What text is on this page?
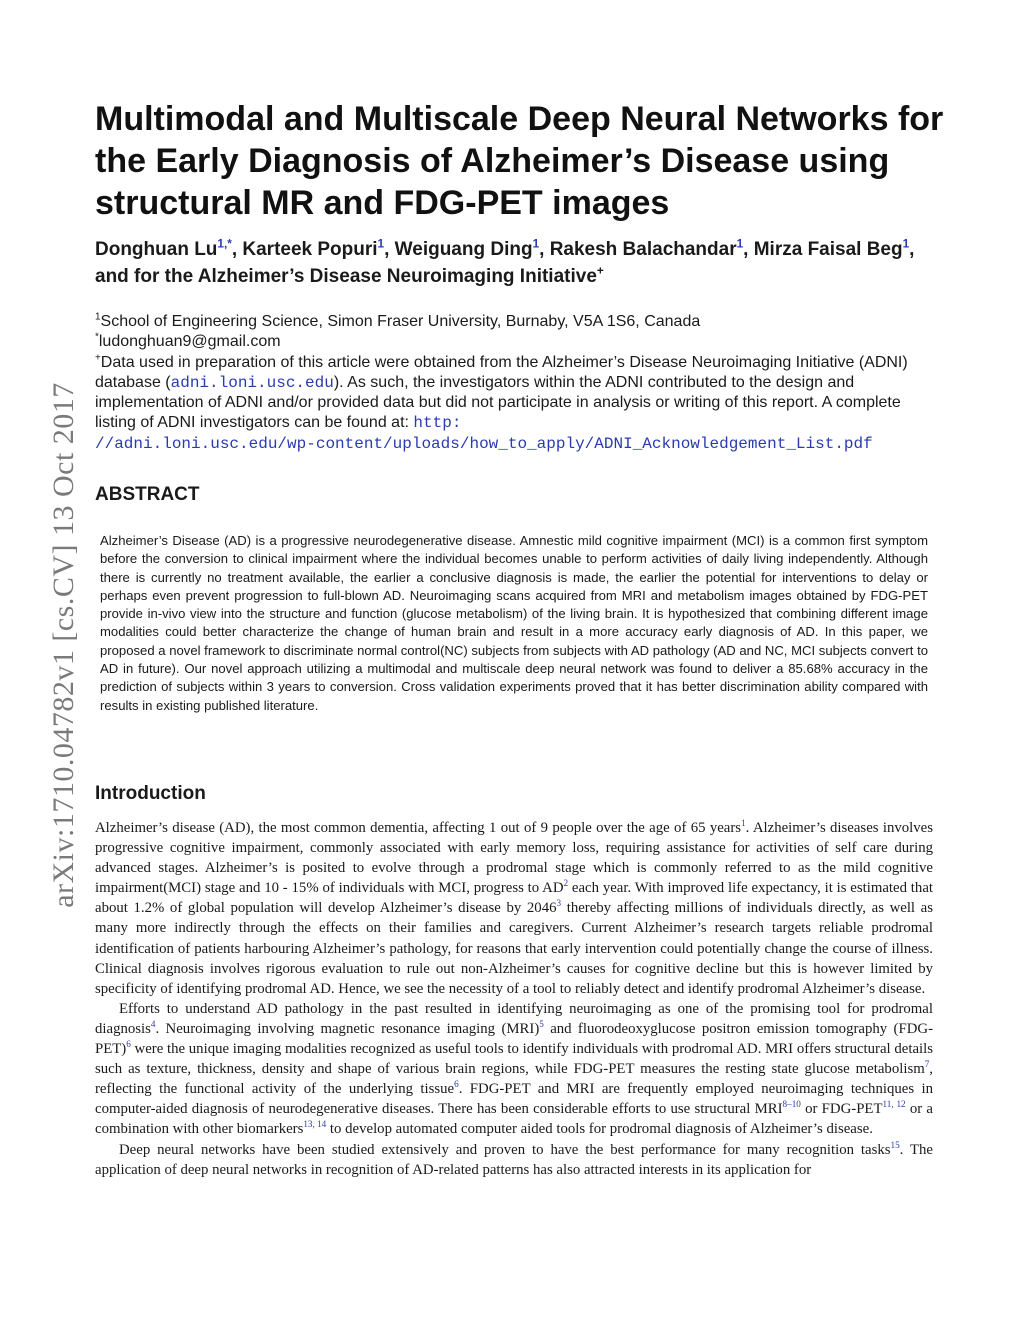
arXiv:1710.04782v1 [cs.CV] 13 Oct 2017
Multimodal and Multiscale Deep Neural Networks for the Early Diagnosis of Alzheimer’s Disease using structural MR and FDG-PET images

Donghuan $Lu^{1,*}$, Karteek Popuri$^1$, Weiguang Ding$^1$, Rakesh Balachandar$^1$, Mirza Faisal Beg$^1$, and for the Alzheimer’s Disease Neuroimaging Initiative+

$^1$School of Engineering Science, Simon Fraser University, Burnaby, V5A 1S6, Canada

*ludonghuan9@gmail.com

+Data used in preparation of this article were obtained from the Alzheimer’s Disease Neuroimaging Initiative (ADNI) database (adni.loni.usc.edu). As such, the investigators within the ADNI contributed to the design and implementation of ADNI and/or provided data but did not participate in analysis or writing of this report. A complete listing of ADNI investigators can be found at: http:
//adni.loni.usc.edu/wp-content/uploads/how_to_apply/ADNI_Acknowledgement_List.pdf

ABSTRACT

Alzheimer’s Disease (AD) is a progressive neurodegenerative disease. Amnestic mild cognitive impairment (MCI) is a common first symptom before the conversion to clinical impairment where the individual becomes unable to perform activities of daily living independently. Although there is currently no treatment available, the earlier a conclusive diagnosis is made, the earlier the potential for interventions to delay or perhaps even prevent progression to full-blown AD. Neuroimaging scans acquired from MRI and metabolism images obtained by FDG-PET provide in-vivo view into the structure and function (glucose metabolism) of the living brain. It is hypothesized that combining different image modalities could better characterize the change of human brain and result in a more accuracy early diagnosis of AD. In this paper, we proposed a novel framework to discriminate normal control(NC) subjects from subjects with AD pathology (AD and NC, MCI subjects convert to AD in future). Our novel approach utilizing a multimodal and multiscale deep neural network was found to deliver a 85.68% accuracy in the prediction of subjects within 3 years to conversion. Cross validation experiments proved that it has better discrimination ability compared with results in existing published literature.

Introduction

Alzheimer’s disease (AD), the most common dementia, affecting 1 out of 9 people over the age of 65 years$^1$. Alzheimer’s diseases involves progressive cognitive impairment, commonly associated with early memory loss, requiring assistance for activities of self care during advanced stages. Alzheimer’s is posited to evolve through a prodromal stage which is commonly referred to as the mild cognitive impairment(MCI) stage and 10 - 15% of individuals with MCI, progress to $AD^2$ each year. With improved life expectancy, it is estimated that about 1.2% of global population will develop Alzheimer’s disease by 2046$^3$ thereby affecting millions of individuals directly, as well as many more indirectly through the effects on their families and caregivers. Current Alzheimer’s research targets reliable prodromal identification of patients harbouring Alzheimer’s pathology, for reasons that early intervention could potentially change the course of illness. Clinical diagnosis involves rigorous evaluation to rule out non-Alzheimer’s causes for cognitive decline but this is however limited by specificity of identifying prodromal AD. Hence, we see the necessity of a tool to reliably detect and identify prodromal Alzheimer’s disease.

Efforts to understand AD pathology in the past resulted in identifying neuroimaging as one of the promising tool for prodromal diagnosis$^4$. Neuroimaging involving magnetic resonance imaging (MRI)$^5$ and fluorodeoxyglucose positron emission tomography $(FDG-PET)^6$ were the unique imaging modalities recognized as useful tools to identify individuals with prodromal AD. MRI offers structural details such as texture, thickness, density and shape of various brain regions, while FDG-PET measures the resting state glucose metabolism$^7$, reflecting the functional activity of the underlying tissue$^6$. FDG-PET and MRI are frequently employed neuroimaging techniques in computer-aided diagnosis of neurodegenerative diseases. There has been considerable efforts to use structural MRI$^{8-10}$ or FDG-PET$^{11, 12}$ or a combination with other biomarkers$^{13, 14}$ to develop automated computer aided tools for prodromal diagnosis of Alzheimer’s disease.

Deep neural networks have been studied extensively and proven to have the best performance for many recognition tasks$^{15}$. The application of deep neural networks in recognition of AD-related patterns has also attracted interests in its application for
